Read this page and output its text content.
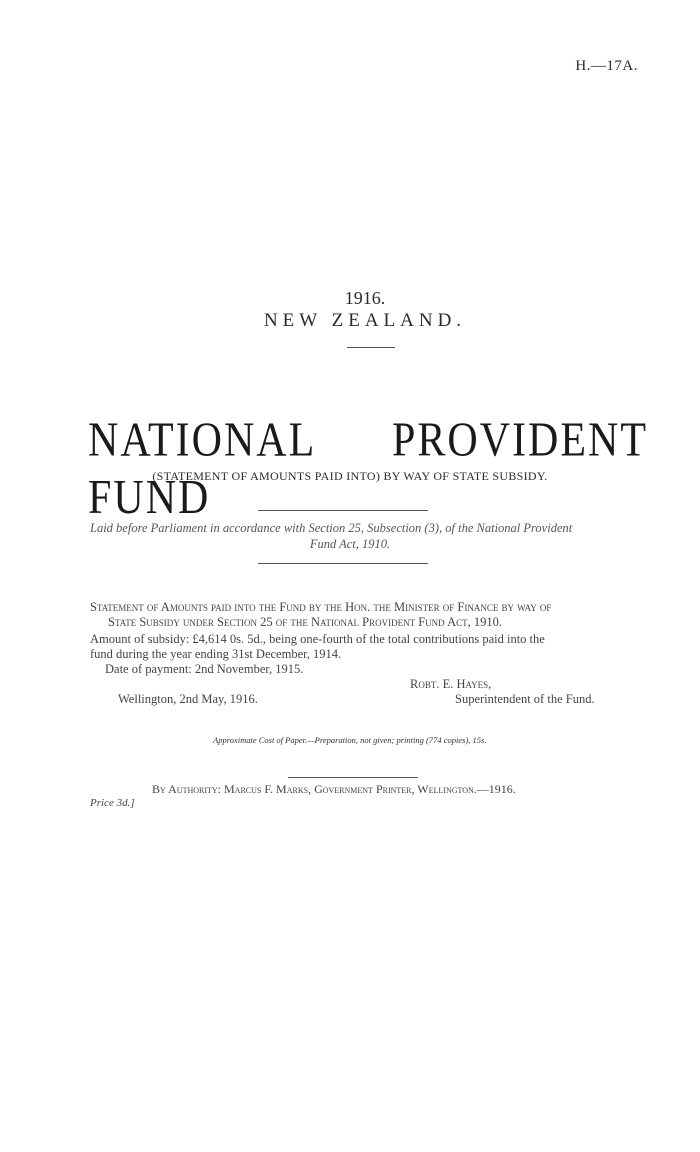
H.—17A.
1916.
NEW ZEALAND.
NATIONAL PROVIDENT FUND
(STATEMENT OF AMOUNTS PAID INTO) BY WAY OF STATE SUBSIDY.
Laid before Parliament in accordance with Section 25, Subsection (3), of the National Provident
Fund Act, 1910.
Statement of Amounts paid into the Fund by the Hon. the Minister of Finance by way of
State Subsidy under Section 25 of the National Provident Fund Act, 1910.
Amount of subsidy: £4,614 0s. 5d., being one-fourth of the total contributions paid into the
fund during the year ending 31st December, 1914.
Date of payment: 2nd November, 1915.
Robt. E. Hayes,
Wellington, 2nd May, 1916.	Superintendent of the Fund.
Approximate Cost of Paper.—Preparation, not given; printing (774 copies), 15s.
By Authority: Marcus F. Marks, Government Printer, Wellington.—1916.
Price 3d.]
